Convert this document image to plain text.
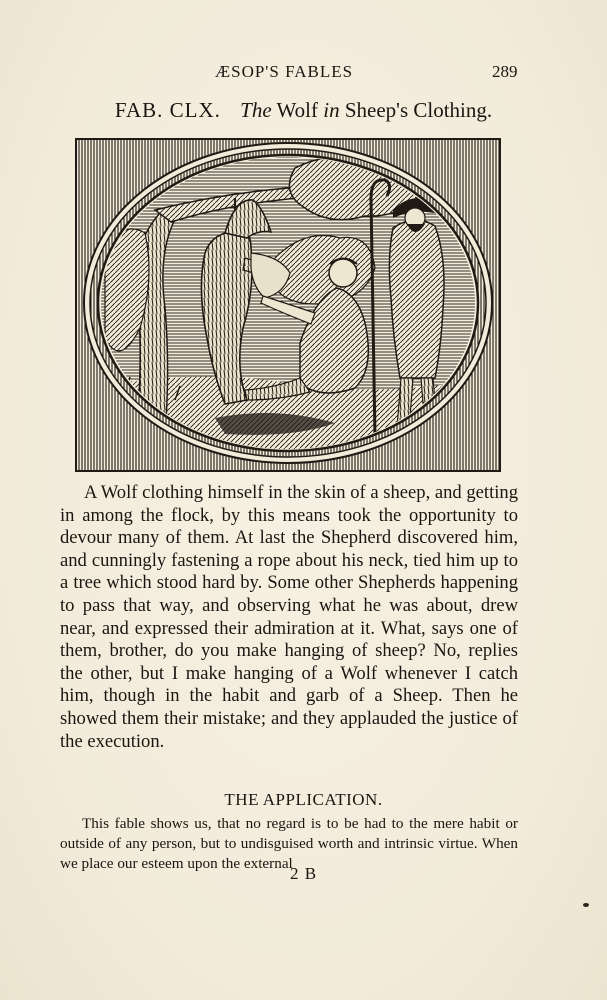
ÆSOP'S FABLES	289
FAB. CLX. The Wolf in Sheep's Clothing.

A Wolf clothing himself in the skin of a sheep, and getting in among the flock, by this means took the opportunity to devour many of them. At last the Shepherd discovered him, and cunningly fastening a rope about his neck, tied him up to a tree which stood hard by. Some other Shepherds happening to pass that way, and observing what he was about, drew near, and expressed their admiration at it. What, says one of them, brother, do you make hanging of sheep? No, replies the other, but I make hanging of a Wolf whenever I catch him, though in the habit and garb of a Sheep. Then he showed them their mistake; and they applauded the justice of the execution.

THE APPLICATION.

This fable shows us, that no regard is to be had to the mere habit or outside of any person, but to undisguised worth and intrinsic virtue. When we place our esteem upon the external

2 B
